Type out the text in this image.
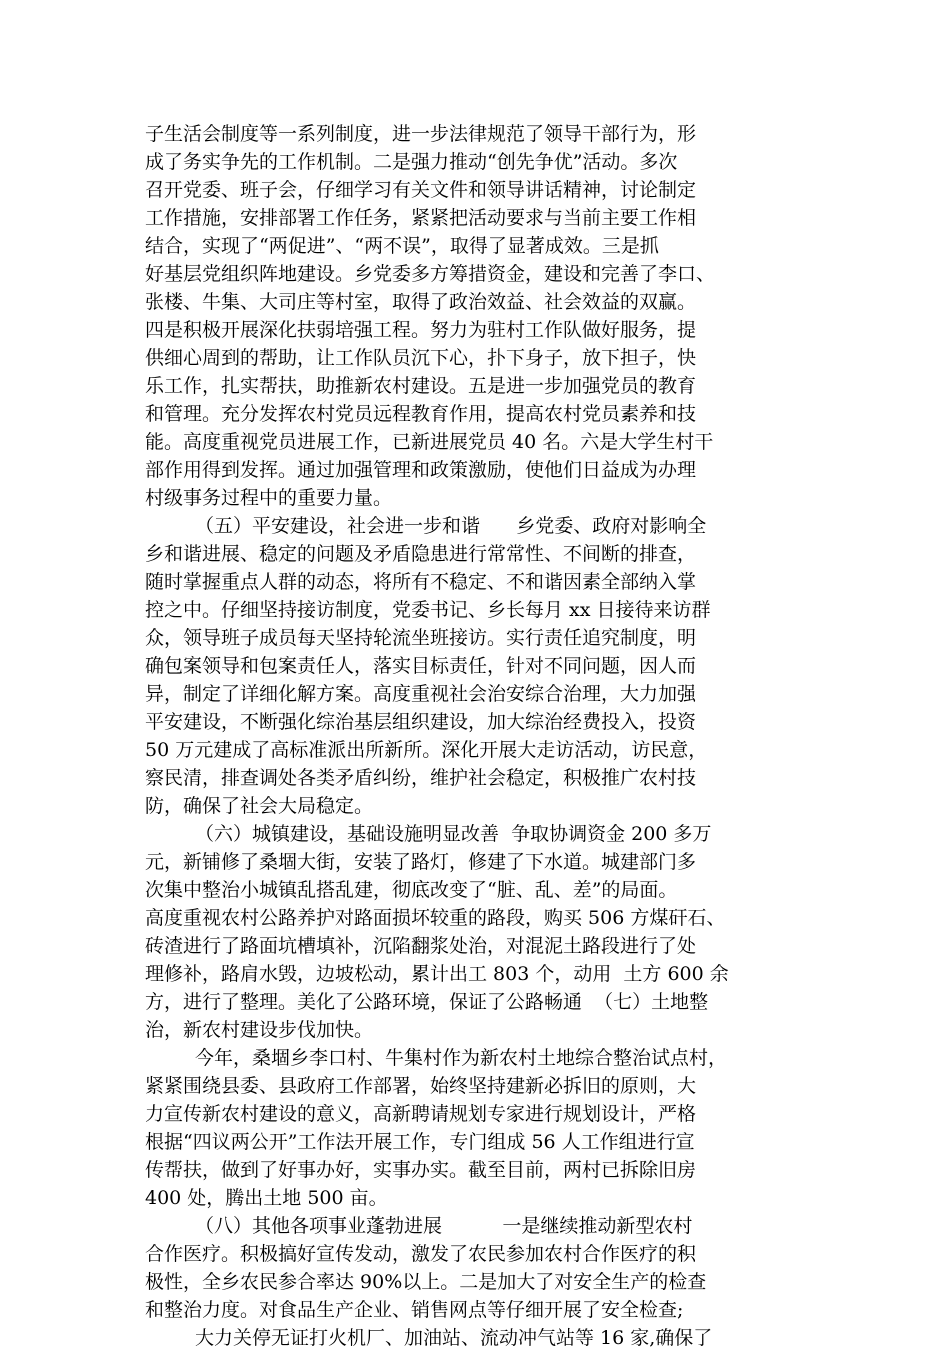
子生活会制度等一系列制度，进一步法律规范了领导干部行为，形
成了务实争先的工作机制。二是强力推动“创先争优”活动。多次
召开党委、班子会，仔细学习有关文件和领导讲话精神，讨论制定
工作措施，安排部署工作任务，紧紧把活动要求与当前主要工作相
结合，实现了“两促进”、“两不误”，取得了显著成效。三是抓
好基层党组织阵地建设。乡党委多方筹措资金，建设和完善了李口、
张楼、牛集、大司庄等村室，取得了政治效益、社会效益的双赢。
四是积极开展深化扶弱培强工程。努力为驻村工作队做好服务，提
供细心周到的帮助，让工作队员沉下心，扑下身子，放下担子，快
乐工作，扎实帮扶，助推新农村建设。五是进一步加强党员的教育
和管理。充分发挥农村党员远程教育作用，提高农村党员素养和技
能。高度重视党员进展工作，已新进展党员 40 名。六是大学生村干
部作用得到发挥。通过加强管理和政策激励，使他们日益成为办理
村级事务过程中的重要力量。
（五）平安建设，社会进一步和谐      乡党委、政府对影响全
乡和谐进展、稳定的问题及矛盾隐患进行常常性、不间断的排查，
随时掌握重点人群的动态，将所有不稳定、不和谐因素全部纳入掌
控之中。仔细坚持接访制度，党委书记、乡长每月 xx 日接待来访群
众，领导班子成员每天坚持轮流坐班接访。实行责任追究制度，明
确包案领导和包案责任人，落实目标责任，针对不同问题，因人而
异，制定了详细化解方案。高度重视社会治安综合治理，大力加强
平安建设，不断强化综治基层组织建设，加大综治经费投入，投资
50 万元建成了高标准派出所新所。深化开展大走访活动，访民意，
察民清，排查调处各类矛盾纠纷，维护社会稳定，积极推广农村技
防，确保了社会大局稳定。
（六）城镇建设，基础设施明显改善  争取协调资金 200 多万
元，新铺修了桑堌大街，安装了路灯，修建了下水道。城建部门多
次集中整治小城镇乱搭乱建，彻底改变了“脏、乱、差”的局面。
高度重视农村公路养护对路面损坏较重的路段，购买 506 方煤矸石、
砖渣进行了路面坑槽填补，沉陷翻浆处治，对混泥土路段进行了处
理修补，路肩水毁，边坡松动，累计出工 803 个，动用  土方 600 余
方，进行了整理。美化了公路环境，保证了公路畅通  （七）土地整
治，新农村建设步伐加快。
今年，桑堌乡李口村、牛集村作为新农村土地综合整治试点村，
紧紧围绕县委、县政府工作部署，始终坚持建新必拆旧的原则，大
力宣传新农村建设的意义，高新聘请规划专家进行规划设计，严格
根据“四议两公开”工作法开展工作，专门组成 56 人工作组进行宣
传帮扶，做到了好事办好，实事办实。截至目前，两村已拆除旧房
400 处，腾出土地 500 亩。
（八）其他各项事业蓬勃进展          一是继续推动新型农村
合作医疗。积极搞好宣传发动，激发了农民参加农村合作医疗的积
极性，全乡农民参合率达 90%以上。二是加大了对安全生产的检查
和整治力度。对食品生产企业、销售网点等仔细开展了安全检查;
大力关停无证打火机厂、加油站、流动冲气站等 16 家,确保了
